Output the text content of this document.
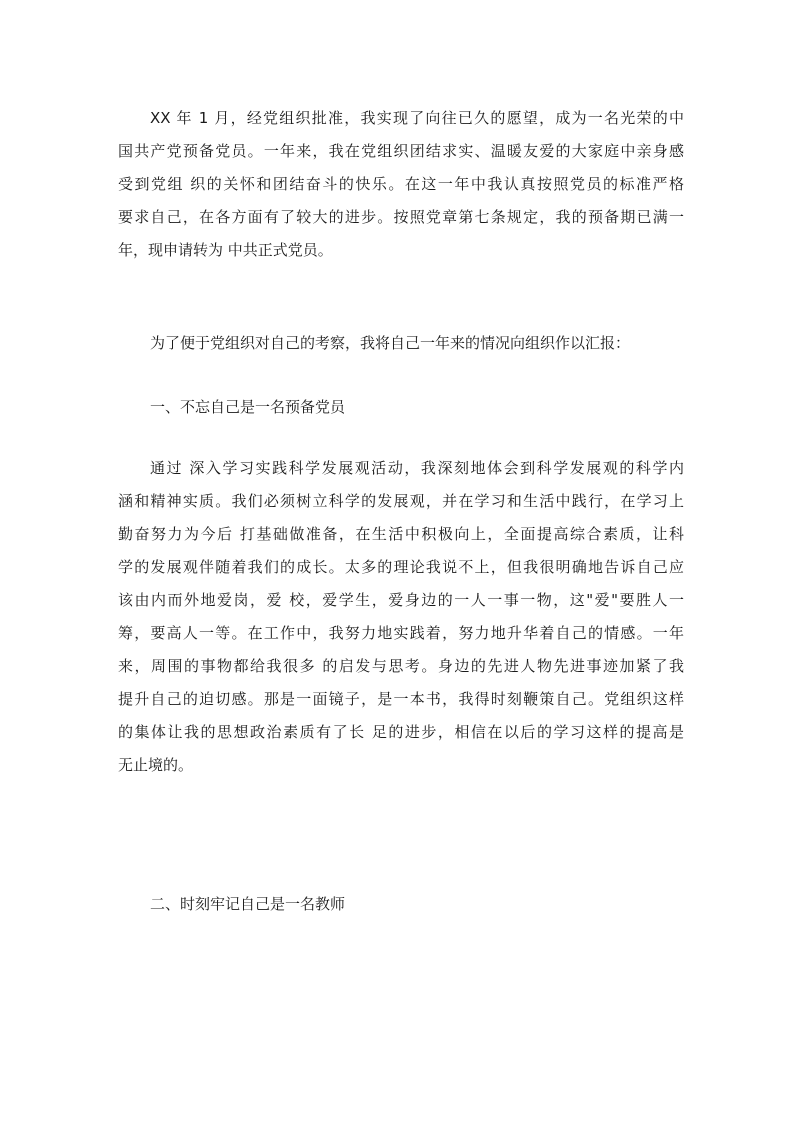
XX 年 1 月，经党组织批准，我实现了向往已久的愿望，成为一名光荣的中
国共产党预备党员。一年来，我在党组织团结求实、温暖友爱的大家庭中亲身感
受到党组 织的关怀和团结奋斗的快乐。在这一年中我认真按照党员的标准严格
要求自己，在各方面有了较大的进步。按照党章第七条规定，我的预备期已满一
年，现申请转为 中共正式党员。
为了便于党组织对自己的考察，我将自己一年来的情况向组织作以汇报：
一、不忘自己是一名预备党员
通过 深入学习实践科学发展观活动，我深刻地体会到科学发展观的科学内
涵和精神实质。我们必须树立科学的发展观，并在学习和生活中践行，在学习上
勤奋努力为今后 打基础做准备，在生活中积极向上，全面提高综合素质，让科
学的发展观伴随着我们的成长。太多的理论我说不上，但我很明确地告诉自己应
该由内而外地爱岗，爱 校，爱学生，爱身边的一人一事一物，这"爱"要胜人一
筹，要高人一等。在工作中，我努力地实践着，努力地升华着自己的情感。一年
来，周围的事物都给我很多 的启发与思考。身边的先进人物先进事迹加紧了我
提升自己的迫切感。那是一面镜子，是一本书，我得时刻鞭策自己。党组织这样
的集体让我的思想政治素质有了长 足的进步，相信在以后的学习这样的提高是
无止境的。
二、时刻牢记自己是一名教师
